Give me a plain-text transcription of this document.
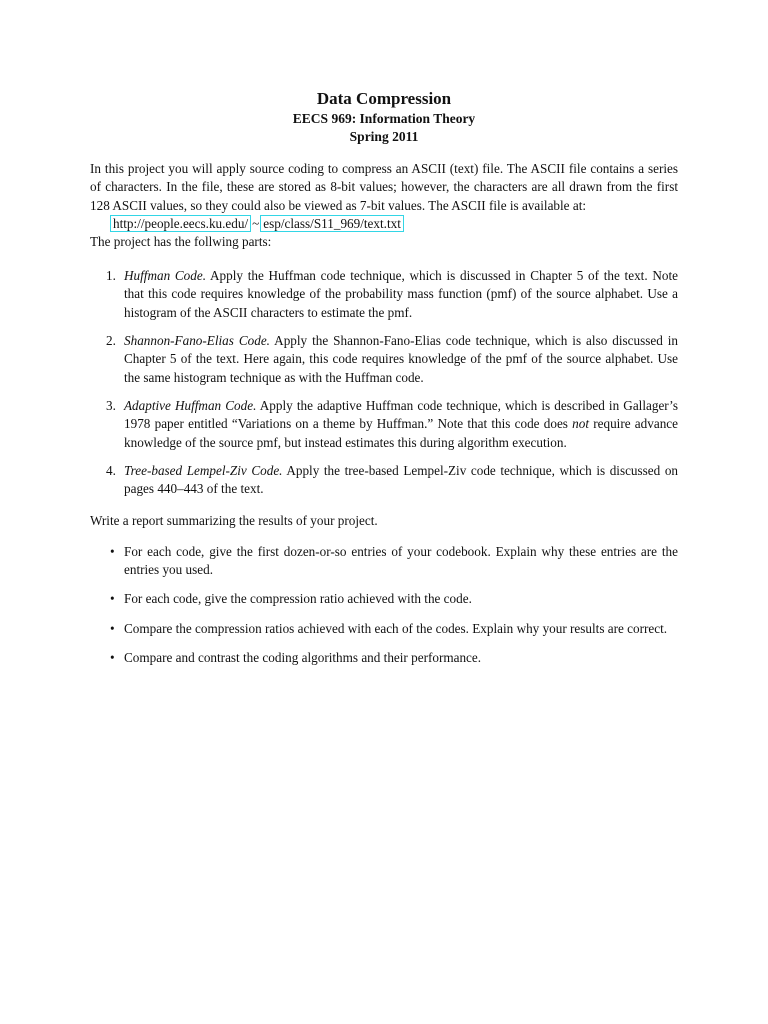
Data Compression
EECS 969: Information Theory
Spring 2011

In this project you will apply source coding to compress an ASCII (text) file. The ASCII file contains a series of characters. In the file, these are stored as 8-bit values; however, the characters are all drawn from the first 128 ASCII values, so they could also be viewed as 7-bit values. The ASCII file is available at:

http://people.eecs.ku.edu/ ~ esp/class/S11_969/text.txt

The project has the follwing parts:

1. Huffman Code. Apply the Huffman code technique, which is discussed in Chapter 5 of the text. Note that this code requires knowledge of the probability mass function (pmf) of the source alphabet. Use a histogram of the ASCII characters to estimate the pmf.
2. Shannon-Fano-Elias Code. Apply the Shannon-Fano-Elias code technique, which is also discussed in Chapter 5 of the text. Here again, this code requires knowledge of the pmf of the source alphabet. Use the same histogram technique as with the Huffman code.
3. Adaptive Huffman Code. Apply the adaptive Huffman code technique, which is described in Gallager’s 1978 paper entitled “Variations on a theme by Huffman.” Note that this code does not require advance knowledge of the source pmf, but instead estimates this during algorithm execution.
4. Tree-based Lempel-Ziv Code. Apply the tree-based Lempel-Ziv code technique, which is discussed on pages 440–443 of the text.

Write a report summarizing the results of your project.

• For each code, give the first dozen-or-so entries of your codebook. Explain why these entries are the entries you used.
• For each code, give the compression ratio achieved with the code.
• Compare the compression ratios achieved with each of the codes. Explain why your results are correct.
• Compare and contrast the coding algorithms and their performance.
